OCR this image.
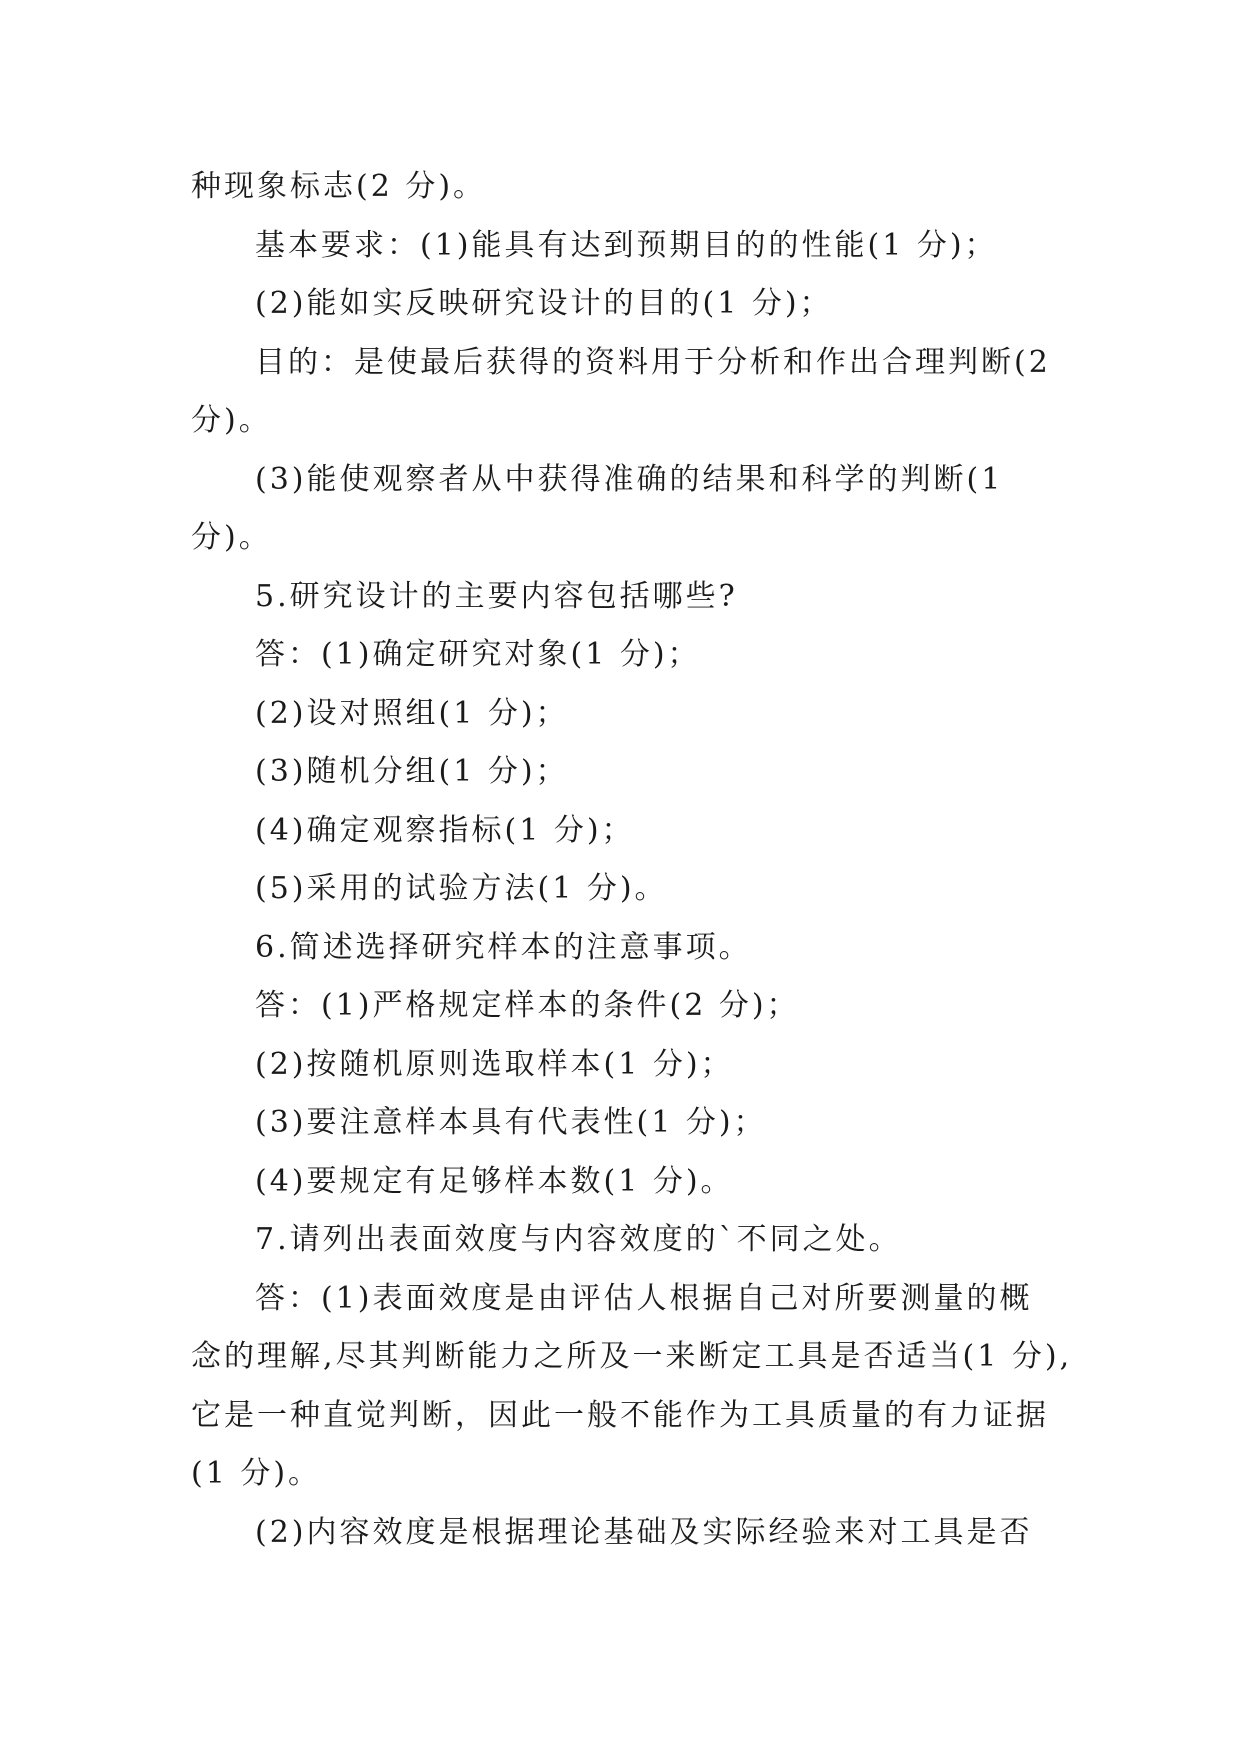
种现象标志(2 分)。
基本要求：(1)能具有达到预期目的的性能(1 分)；
(2)能如实反映研究设计的目的(1 分)；
目的：是使最后获得的资料用于分析和作出合理判断(2
分)。
(3)能使观察者从中获得准确的结果和科学的判断(1
分)。
5.研究设计的主要内容包括哪些?
答：(1)确定研究对象(1 分)；
(2)设对照组(1 分)；
(3)随机分组(1 分)；
(4)确定观察指标(1 分)；
(5)采用的试验方法(1 分)。
6.简述选择研究样本的注意事项。
答：(1)严格规定样本的条件(2 分)；
(2)按随机原则选取样本(1 分)；
(3)要注意样本具有代表性(1 分)；
(4)要规定有足够样本数(1 分)。
7.请列出表面效度与内容效度的`不同之处。
答：(1)表面效度是由评估人根据自己对所要测量的概
念的理解,尽其判断能力之所及一来断定工具是否适当(1 分),
它是一种直觉判断，因此一般不能作为工具质量的有力证据
(1 分)。
(2)内容效度是根据理论基础及实际经验来对工具是否
